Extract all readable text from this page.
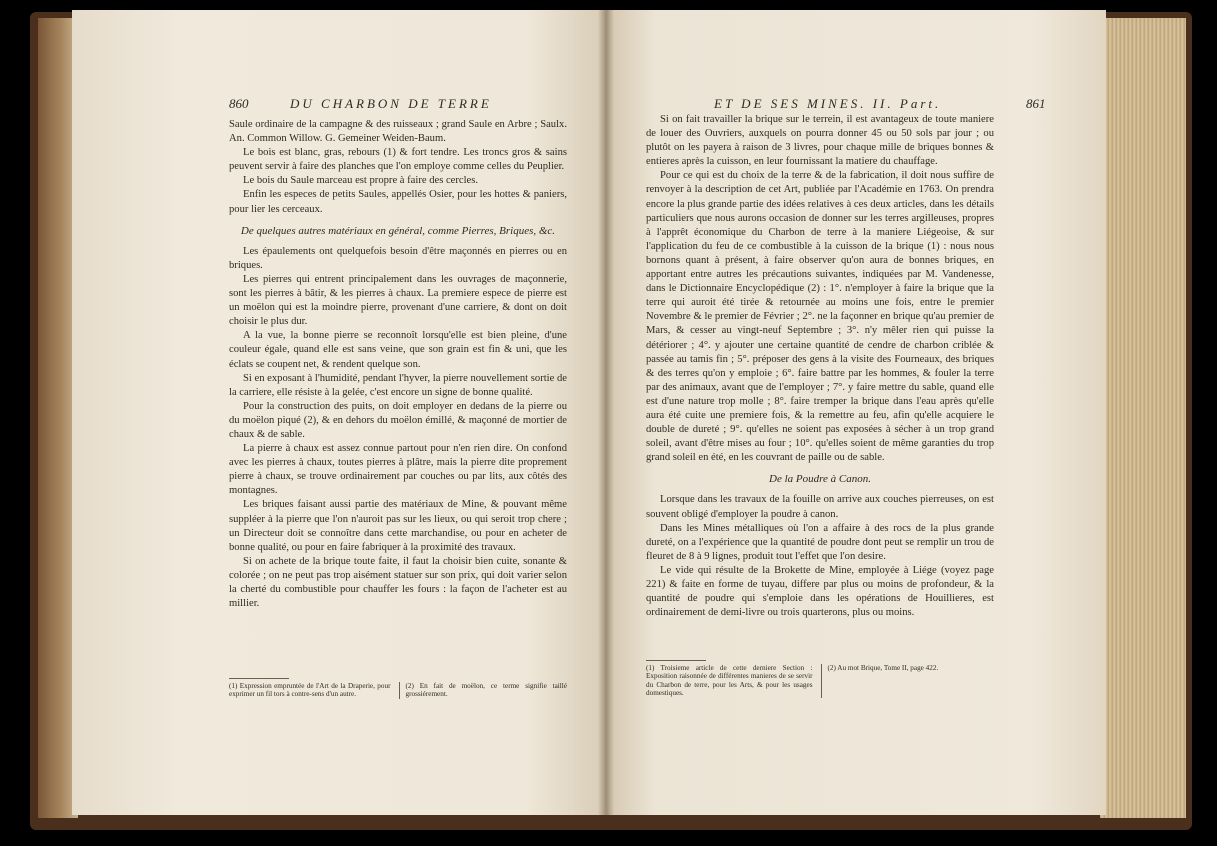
860	DU CHARBON DE TERRE

Saule ordinaire de la campagne & des ruisseaux ; grand Saule en Arbre ; Saulx. An. Common Willow. G. Gemeiner Weiden-Baum.

Le bois est blanc, gras, rebours (1) & fort tendre. Les troncs gros & sains peuvent servir à faire des planches que l'on employe comme celles du Peuplier.

Le bois du Saule marceau est propre à faire des cercles.

Enfin les especes de petits Saules, appellés Osier, pour les hottes & paniers, pour lier les cerceaux.

De quelques autres matériaux en général, comme Pierres, Briques, &c.

Les épaulements ont quelquefois besoin d'être maçonnés en pierres ou en briques.

Les pierres qui entrent principalement dans les ouvrages de maçonnerie, sont les pierres à bâtir, & les pierres à chaux. La premiere espece de pierre est un moëlon qui est la moindre pierre, provenant d'une carriere, & dont on doit choisir le plus dur.

A la vue, la bonne pierre se reconnoît lorsqu'elle est bien pleine, d'une couleur égale, quand elle est sans veine, que son grain est fin & uni, que les éclats se coupent net, & rendent quelque son.

Si en exposant à l'humidité, pendant l'hyver, la pierre nouvellement sortie de la carriere, elle résiste à la gelée, c'est encore un signe de bonne qualité.

Pour la construction des puits, on doit employer en dedans de la pierre ou du moëlon piqué (2), & en dehors du moëlon émillé, & maçonné de mortier de chaux & de sable.

La pierre à chaux est assez connue partout pour n'en rien dire. On confond avec les pierres à chaux, toutes pierres à plâtre, mais la pierre dite proprement pierre à chaux, se trouve ordinairement par couches ou par lits, aux côtés des montagnes.

Les briques faisant aussi partie des matériaux de Mine, & pouvant même suppléer à la pierre que l'on n'auroit pas sur les lieux, ou qui seroit trop chere ; un Directeur doit se connoître dans cette marchandise, ou pour en acheter de bonne qualité, ou pour en faire fabriquer à la proximité des travaux.

Si on achete de la brique toute faite, il faut la choisir bien cuite, sonante & colorée ; on ne peut pas trop aisément statuer sur son prix, qui doit varier selon la cherté du combustible pour chauffer les fours : la façon de l'acheter est au millier.

(1) Expression empruntée de l'Art de la Draperie, pour exprimer un fil tors à contre-sens d'un autre.
(2) En fait de moëlon, ce terme signifie taillé grossiérement.
ET DE SES MINES. II. Part.	861

Si on fait travailler la brique sur le terrein, il est avantageux de toute maniere de louer des Ouvriers, auxquels on pourra donner 45 ou 50 sols par jour ; ou plutôt on les payera à raison de 3 livres, pour chaque mille de briques bonnes & entieres après la cuisson, en leur fournissant la matiere du chauffage.

Pour ce qui est du choix de la terre & de la fabrication, il doit nous suffire de renvoyer à la description de cet Art, publiée par l'Académie en 1763. On prendra encore la plus grande partie des idées relatives à ces deux articles, dans les détails particuliers que nous aurons occasion de donner sur les terres argilleuses, propres à l'apprêt économique du Charbon de terre à la maniere Liégeoise, & sur l'application du feu de ce combustible à la cuisson de la brique (1) : nous nous bornons quant à présent, à faire observer qu'on aura de bonnes briques, en apportant entre autres les précautions suivantes, indiquées par M. Vandenesse, dans le Dictionnaire Encyclopédique (2) : 1°. n'employer à faire la brique que la terre qui auroit été tirée & retournée au moins une fois, entre le premier Novembre & le premier de Février ; 2°. ne la façonner en brique qu'au premier de Mars, & cesser au vingt-neuf Septembre ; 3°. n'y mêler rien qui puisse la détériorer ; 4°. y ajouter une certaine quantité de cendre de charbon criblée & passée au tamis fin ; 5°. préposer des gens à la visite des Fourneaux, des briques & des terres qu'on y emploie ; 6°. faire battre par les hommes, & fouler la terre par des animaux, avant que de l'employer ; 7°. y faire mettre du sable, quand elle est d'une nature trop molle ; 8°. faire tremper la brique dans l'eau après qu'elle aura été cuite une premiere fois, & la remettre au feu, afin qu'elle acquiere le double de dureté ; 9°. qu'elles ne soient pas exposées à sécher à un trop grand soleil, avant d'être mises au four ; 10°. qu'elles soient de même garanties du trop grand soleil en été, en les couvrant de paille ou de sable.

De la Poudre à Canon.

Lorsque dans les travaux de la fouille on arrive aux couches pierreuses, on est souvent obligé d'employer la poudre à canon.

Dans les Mines métalliques où l'on a affaire à des rocs de la plus grande dureté, on a l'expérience que la quantité de poudre dont peut se remplir un trou de fleuret de 8 à 9 lignes, produit tout l'effet que l'on desire.

Le vide qui résulte de la Brokette de Mine, employée à Liége (voyez page 221) & faite en forme de tuyau, differe par plus ou moins de profondeur, & la quantité de poudre qui s'emploie dans les opérations de Houillieres, est ordinairement de demi-livre ou trois quarterons, plus ou moins.

(1) Troisieme article de cette derniere Section : Exposition raisonnée de différentes manieres de se servir du Charbon de terre, pour les Arts, & pour les usages domestiques.
(2) Au mot Brique, Tome II, page 422.
